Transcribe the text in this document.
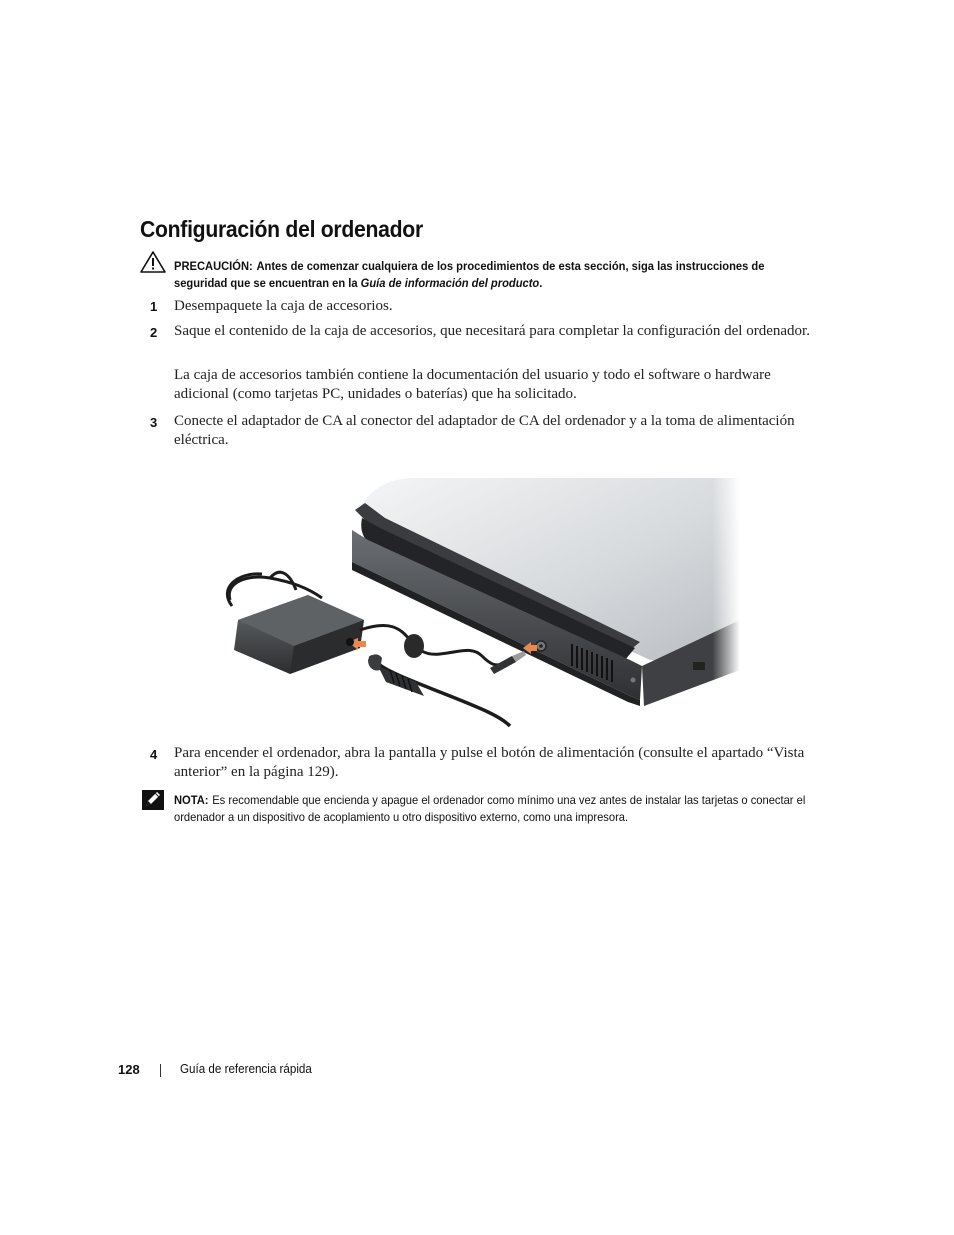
Configuración del ordenador
PRECAUCIÓN: Antes de comenzar cualquiera de los procedimientos de esta sección, siga las instrucciones de seguridad que se encuentran en la Guía de información del producto.
1 Desempaquete la caja de accesorios.
2 Saque el contenido de la caja de accesorios, que necesitará para completar la configuración del ordenador.
La caja de accesorios también contiene la documentación del usuario y todo el software o hardware adicional (como tarjetas PC, unidades o baterías) que ha solicitado.
3 Conecte el adaptador de CA al conector del adaptador de CA del ordenador y a la toma de alimentación eléctrica.
4 Para encender el ordenador, abra la pantalla y pulse el botón de alimentación (consulte el apartado “Vista anterior” en la página 129).
NOTA: Es recomendable que encienda y apague el ordenador como mínimo una vez antes de instalar las tarjetas o conectar el ordenador a un dispositivo de acoplamiento u otro dispositivo externo, como una impresora.
128	Guía de referencia rápida
